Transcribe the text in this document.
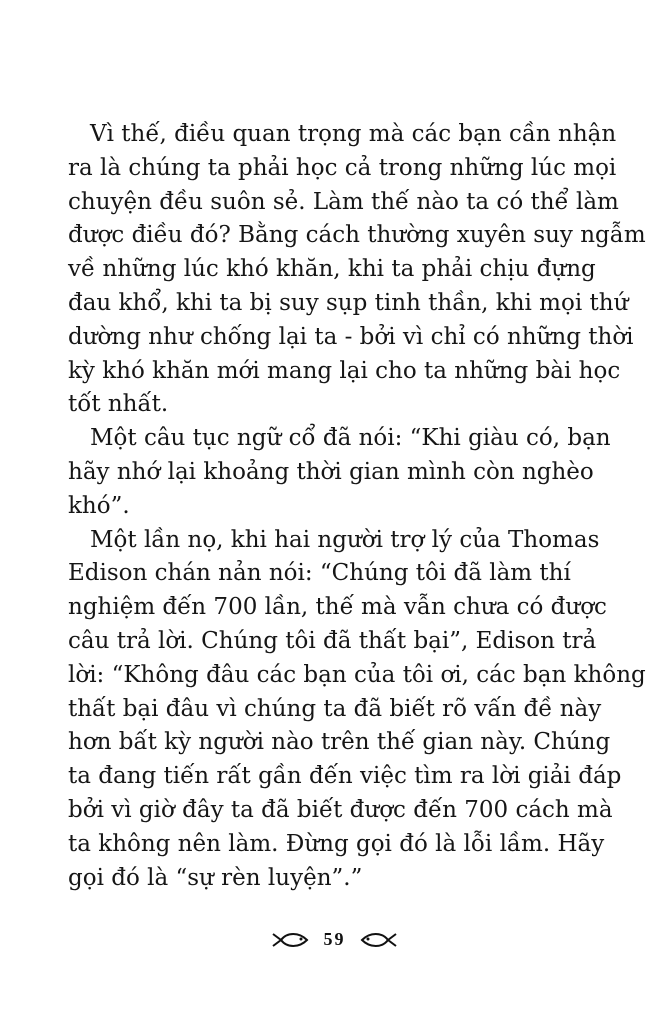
Vì thế, điều quan trọng mà các bạn cần nhận
ra là chúng ta phải học cả trong những lúc mọi
chuyện đều suôn sẻ. Làm thế nào ta có thể làm
được điều đó? Bằng cách thường xuyên suy ngẫm
về những lúc khó khăn, khi ta phải chịu đựng
đau khổ, khi ta bị suy sụp tinh thần, khi mọi thứ
dường như chống lại ta - bởi vì chỉ có những thời
kỳ khó khăn mới mang lại cho ta những bài học
tốt nhất.
Một câu tục ngữ cổ đã nói: “Khi giàu có, bạn
hãy nhớ lại khoảng thời gian mình còn nghèo
khó”.
Một lần nọ, khi hai người trợ lý của Thomas
Edison chán nản nói: “Chúng tôi đã làm thí
nghiệm đến 700 lần, thế mà vẫn chưa có được
câu trả lời. Chúng tôi đã thất bại”, Edison trả
lời: “Không đâu các bạn của tôi ơi, các bạn không
thất bại đâu vì chúng ta đã biết rõ vấn đề này
hơn bất kỳ người nào trên thế gian này. Chúng
ta đang tiến rất gần đến việc tìm ra lời giải đáp
bởi vì giờ đây ta đã biết được đến 700 cách mà
ta không nên làm. Đừng gọi đó là lỗi lầm. Hãy
gọi đó là “sự rèn luyện”.”
59
